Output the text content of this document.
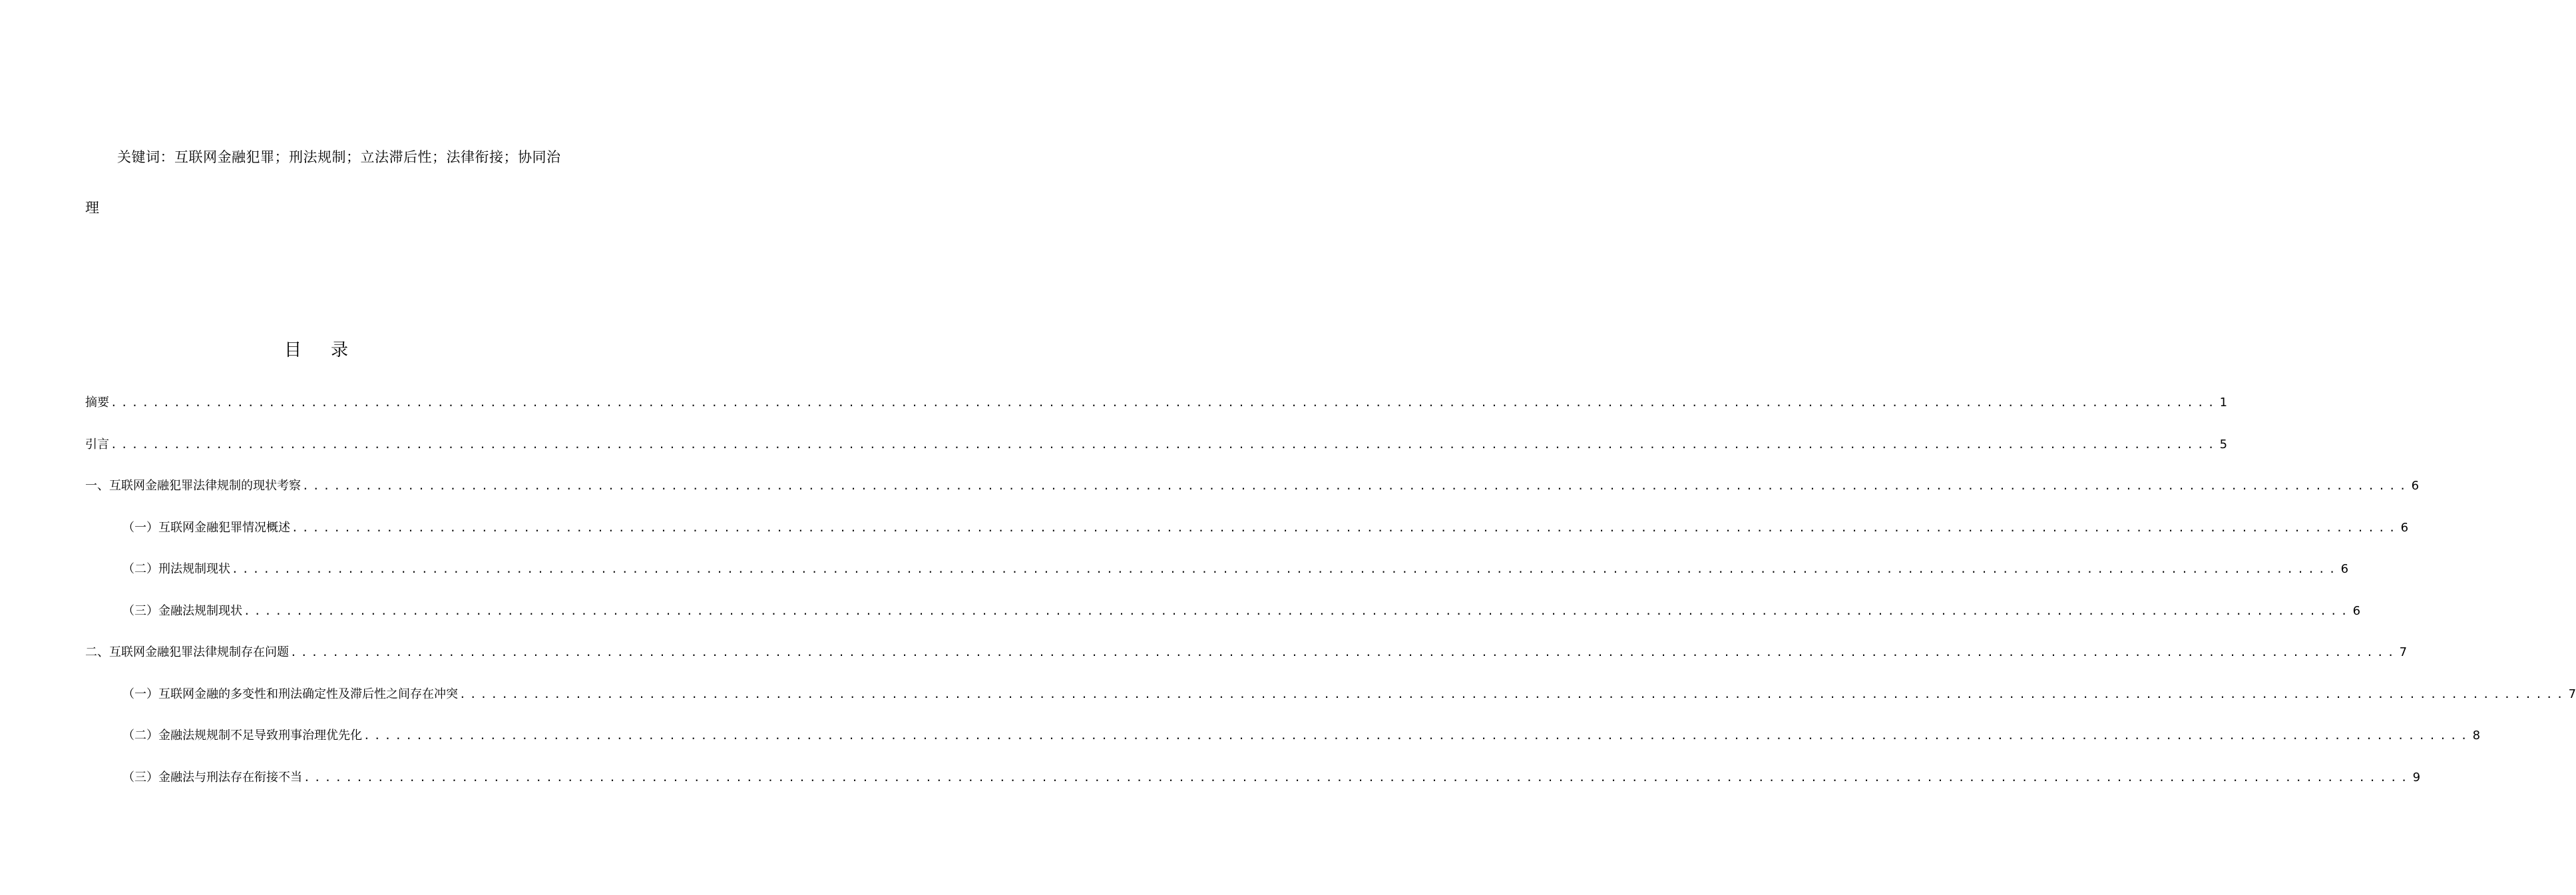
关键词：互联网金融犯罪；刑法规制；立法滞后性；法律衔接；协同治理

目录
摘要 ........................................................................................................................................................................................................ 1
引言 ........................................................................................................................................................................................................ 5
一、互联网金融犯罪法律规制的现状考察 ........................................................................................................................................................................................................ 6
（一）互联网金融犯罪情况概述 ........................................................................................................................................................................................................ 6
（二）刑法规制现状 ........................................................................................................................................................................................................ 6
（三）金融法规制现状 ........................................................................................................................................................................................................ 6
二、互联网金融犯罪法律规制存在问题 ........................................................................................................................................................................................................ 7
（一）互联网金融的多变性和刑法确定性及滞后性之间存在冲突 ........................................................................................................................................................................................................ 7
（二）金融法规规制不足导致刑事治理优先化 ........................................................................................................................................................................................................ 8
（三）金融法与刑法存在衔接不当 ........................................................................................................................................................................................................ 9
